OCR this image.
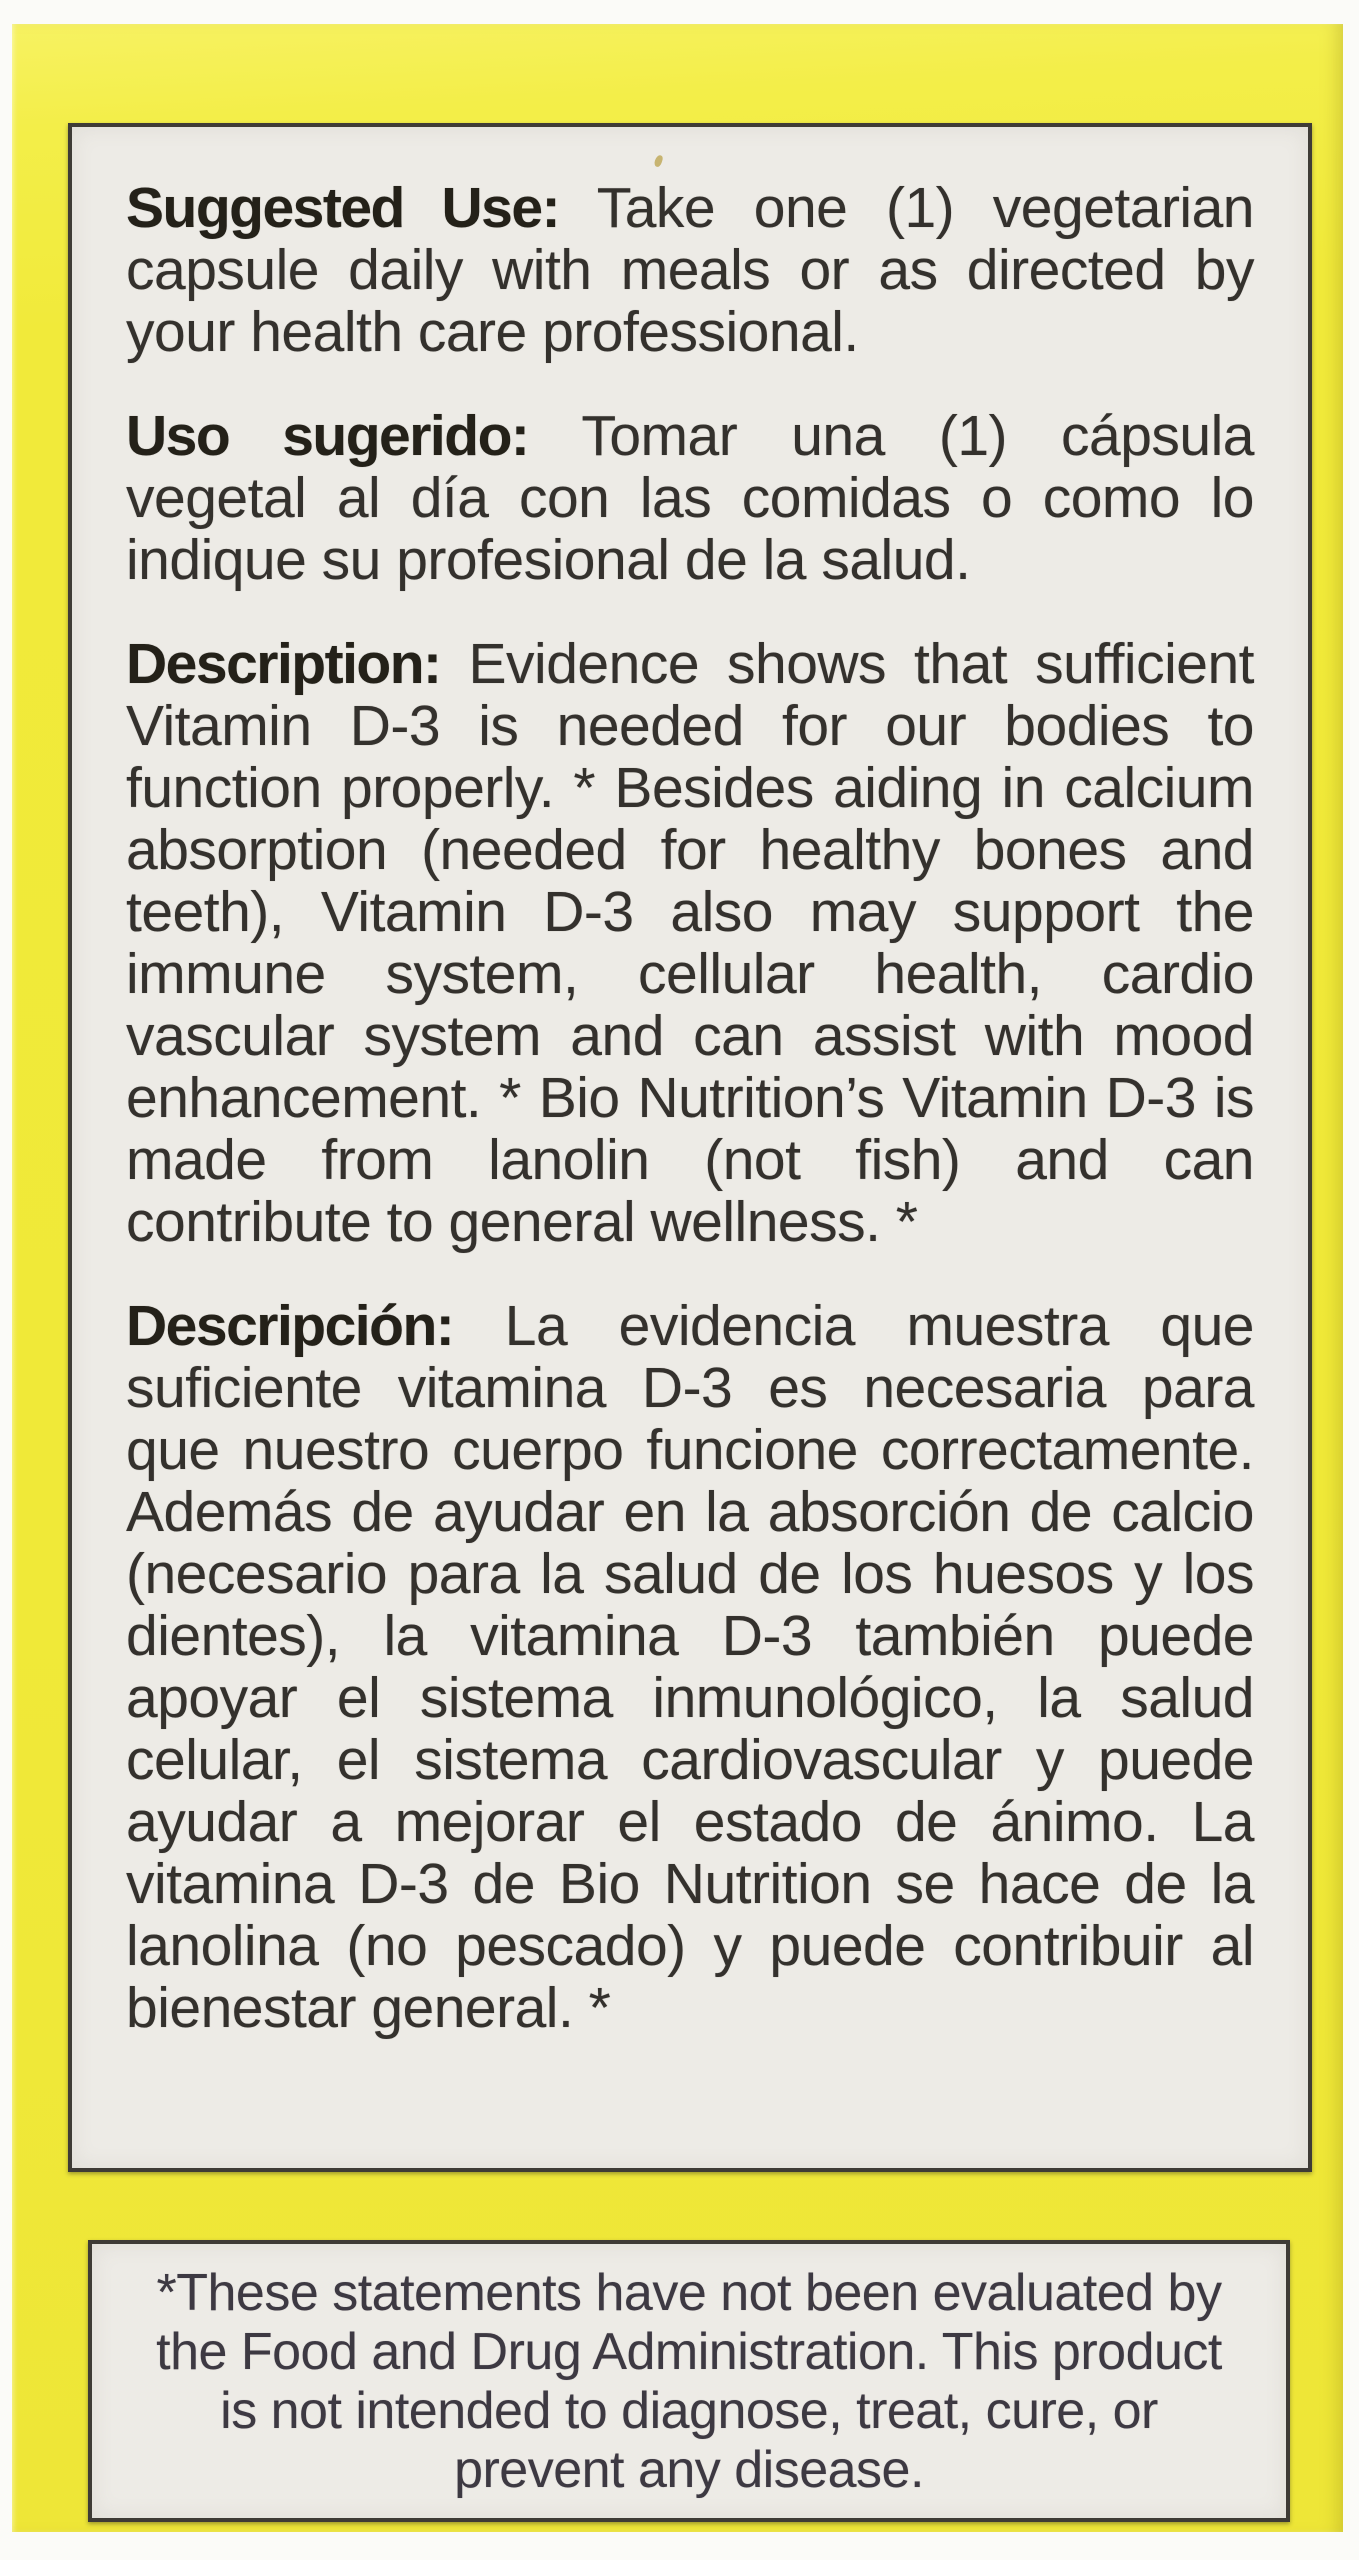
Suggested Use: Take one (1) vegetarian capsule daily with meals or as directed by your health care professional.

Uso sugerido: Tomar una (1) cápsula vegetal al día con las comidas o como lo indique su profesional de la salud.

Description: Evidence shows that sufficient Vitamin D-3 is needed for our bodies to function properly. * Besides aiding in calcium absorption (needed for healthy bones and teeth), Vitamin D-3 also may support the immune system, cellular health, cardio vascular system and can assist with mood enhancement. * Bio Nutrition’s Vitamin D-3 is made from lanolin (not fish) and can contribute to general wellness. *

Descripción: La evidencia muestra que suficiente vitamina D-3 es necesaria para que nuestro cuerpo funcione correctamente. Además de ayudar en la absorción de calcio (necesario para la salud de los huesos y los dientes), la vitamina D-3 también puede apoyar el sistema inmunológico, la salud celular, el sistema cardiovascular y puede ayudar a mejorar el estado de ánimo. La vitamina D-3 de Bio Nutrition se hace de la lanolina (no pescado) y puede contribuir al bienestar general. *

*These statements have not been evaluated by the Food and Drug Administration. This product is not intended to diagnose, treat, cure, or prevent any disease.
